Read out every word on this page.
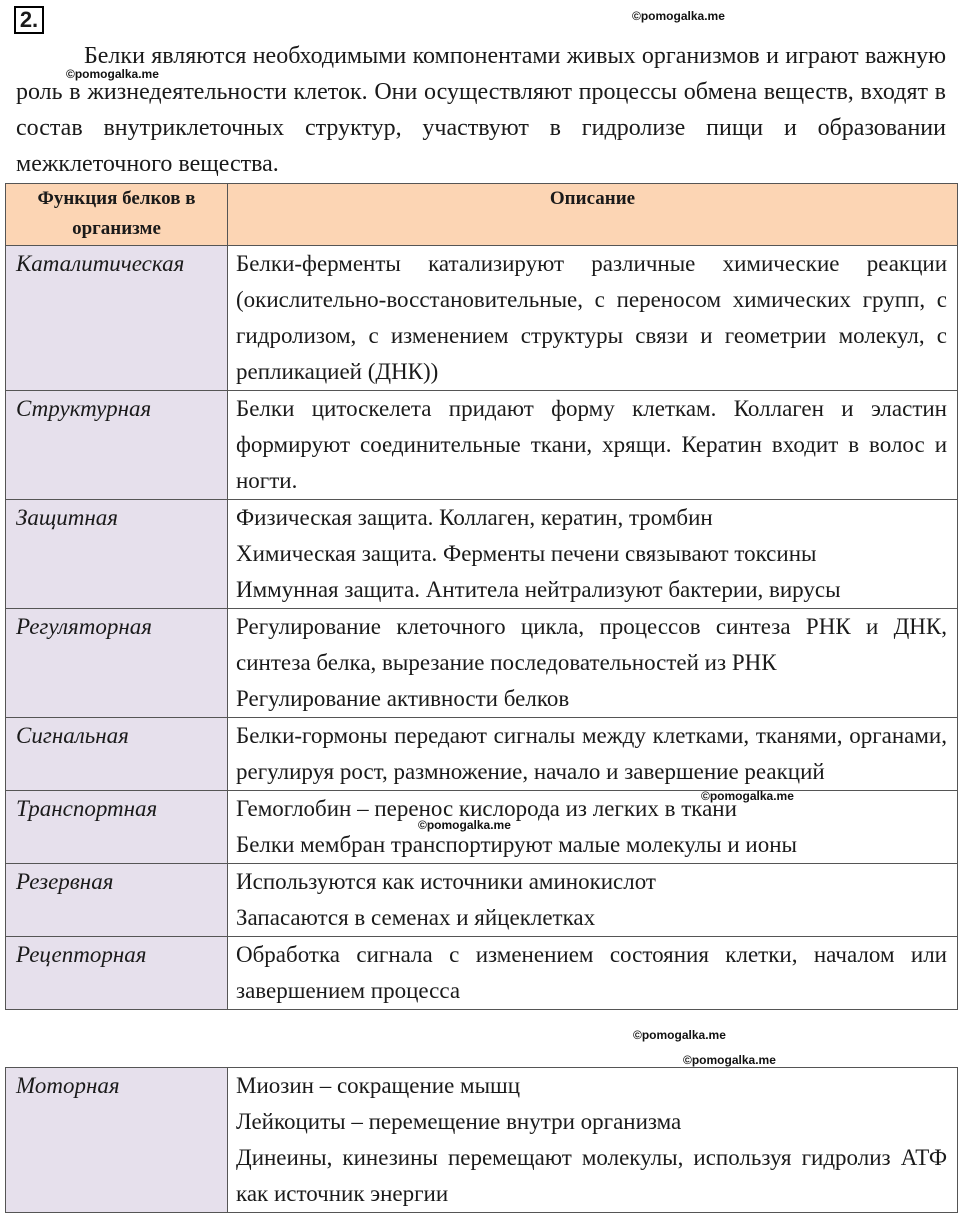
2.	©pomogalka.me
©pomogalka.me

Белки являются необходимыми компонентами живых организмов и играют важную роль в жизнедеятельности клеток. Они осуществляют процессы обмена веществ, входят в состав внутриклеточных структур, участвуют в гидролизе пищи и образовании межклеточного вещества.

Функция белков в организме	Описание
Каталитическая	Белки-ферменты катализируют различные химические реакции (окислительно-восстановительные, с переносом химических групп, с гидролизом, с изменением структуры связи и геометрии молекул, с репликацией (ДНК))

Структурная	Белки цитоскелета придают форму клеткам. Коллаген и эластин формируют соединительные ткани, хрящи. Кератин входит в волос и ногти.

Защитная	Физическая защита. Коллаген, кератин, тромбин
Химическая защита. Ферменты печени связывают токсины
Иммунная защита. Антитела нейтрализуют бактерии, вирусы

Регуляторная	Регулирование клеточного цикла, процессов синтеза РНК и ДНК, синтеза белка, вырезание последовательностей из РНК
Регулирование активности белков

Сигнальная	Белки-гормоны передают сигналы между клетками, тканями, органами, регулируя рост, размножение, начало и завершение реакций

Транспортная	Гемоглобин – перенос кислорода из легких в ткани
Белки мембран транспортируют малые молекулы и ионы

Резервная	Используются как источники аминокислот
Запасаются в семенах и яйцеклетках

Рецепторная	Обработка сигнала с изменением состояния клетки, началом или завершением процесса
©pomogalka.me
©pomogalka.me
©pomogalka.me
©pomogalka.me
Моторная	Миозин – сокращение мышц
Лейкоциты – перемещение внутри организма
Динеины, кинезины перемещают молекулы, используя гидролиз АТФ как источник энергии
